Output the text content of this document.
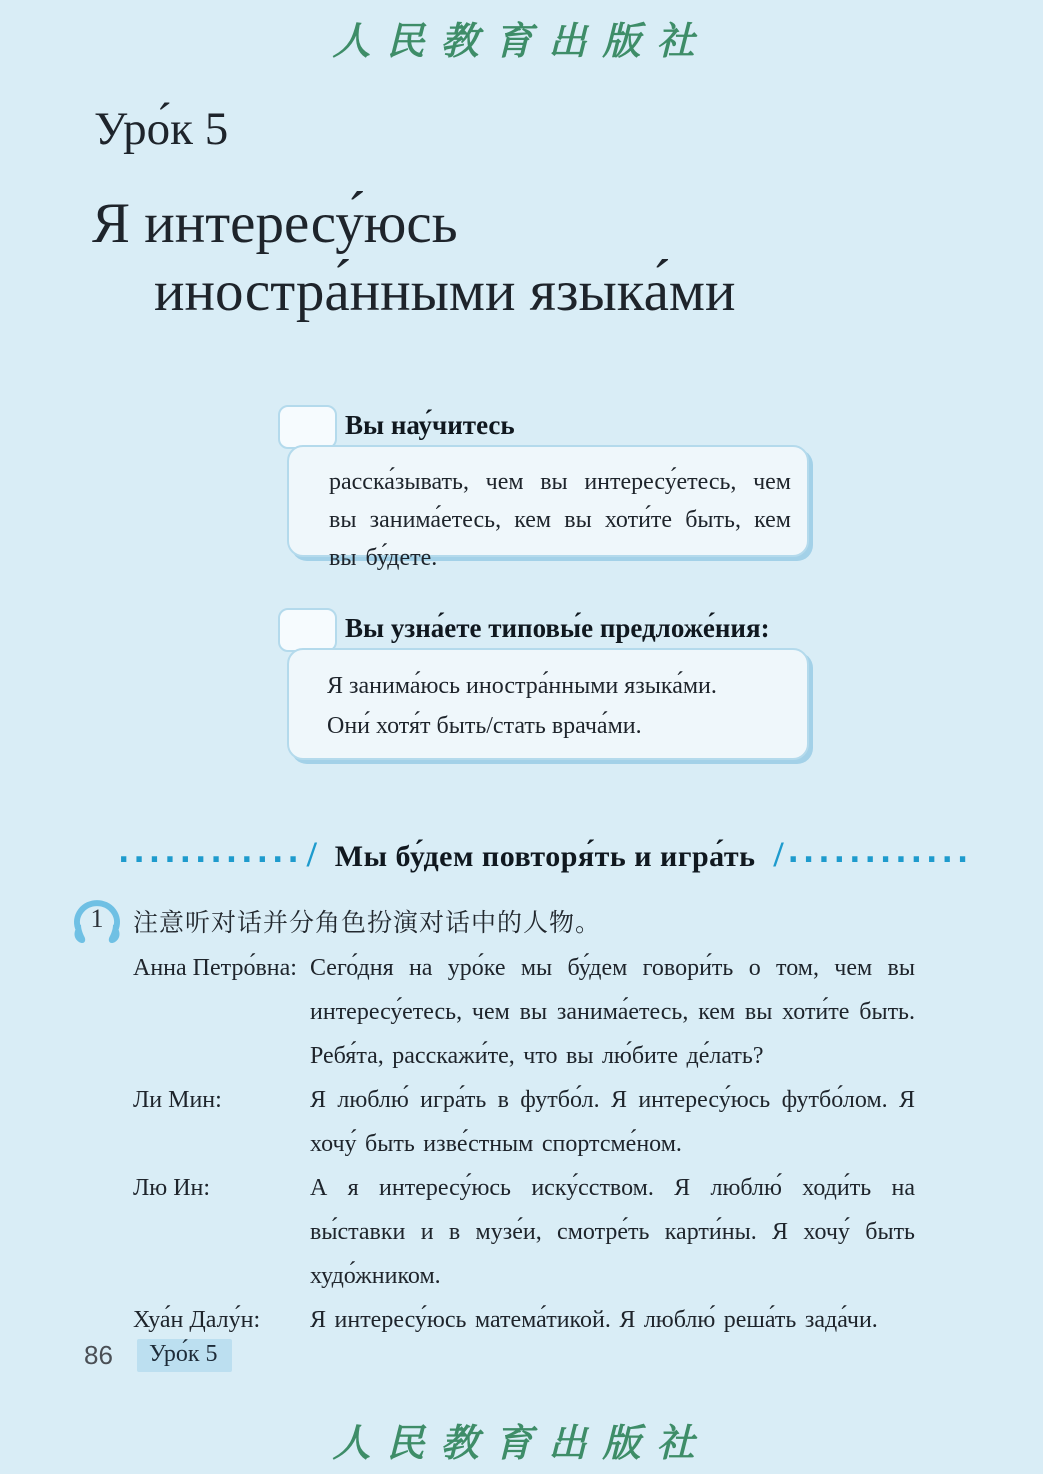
人民教育出版社
Уро́к 5
Я интересу́юсь
иностра́нными языка́ми
Вы нау́читесь
расска́зывать, чем вы интересу́етесь, чем вы занима́етесь, кем вы хоти́те быть, кем вы бу́дете.
Вы узна́ете типовы́е предложе́ния:
Я занима́юсь иностра́нными языка́ми.
Они́ хотя́т быть/стать врача́ми.
............ / Мы бу́дем повторя́ть и игра́ть / ............
1	注意听对话并分角色扮演对话中的人物。
Анна Петро́вна: Сего́дня на уро́ке мы бу́дем говори́ть о том, чем вы интересу́етесь, чем вы занима́етесь, кем вы хоти́те быть. Ребя́та, расскажи́те, что вы лю́бите де́лать?
Ли Мин:	Я люблю́ игра́ть в футбо́л. Я интересу́юсь футбо́лом. Я хочу́ быть изве́стным спортсме́ном.
Лю Ин:	А я интересу́юсь иску́сством. Я люблю́ ходи́ть на вы́ставки и в музе́и, смотре́ть карти́ны. Я хочу́ быть худо́жником.
Хуа́н Далу́н:	Я интересу́юсь матема́тикой. Я люблю́ реша́ть зада́чи.
86	Уро́к 5
人民教育出版社
